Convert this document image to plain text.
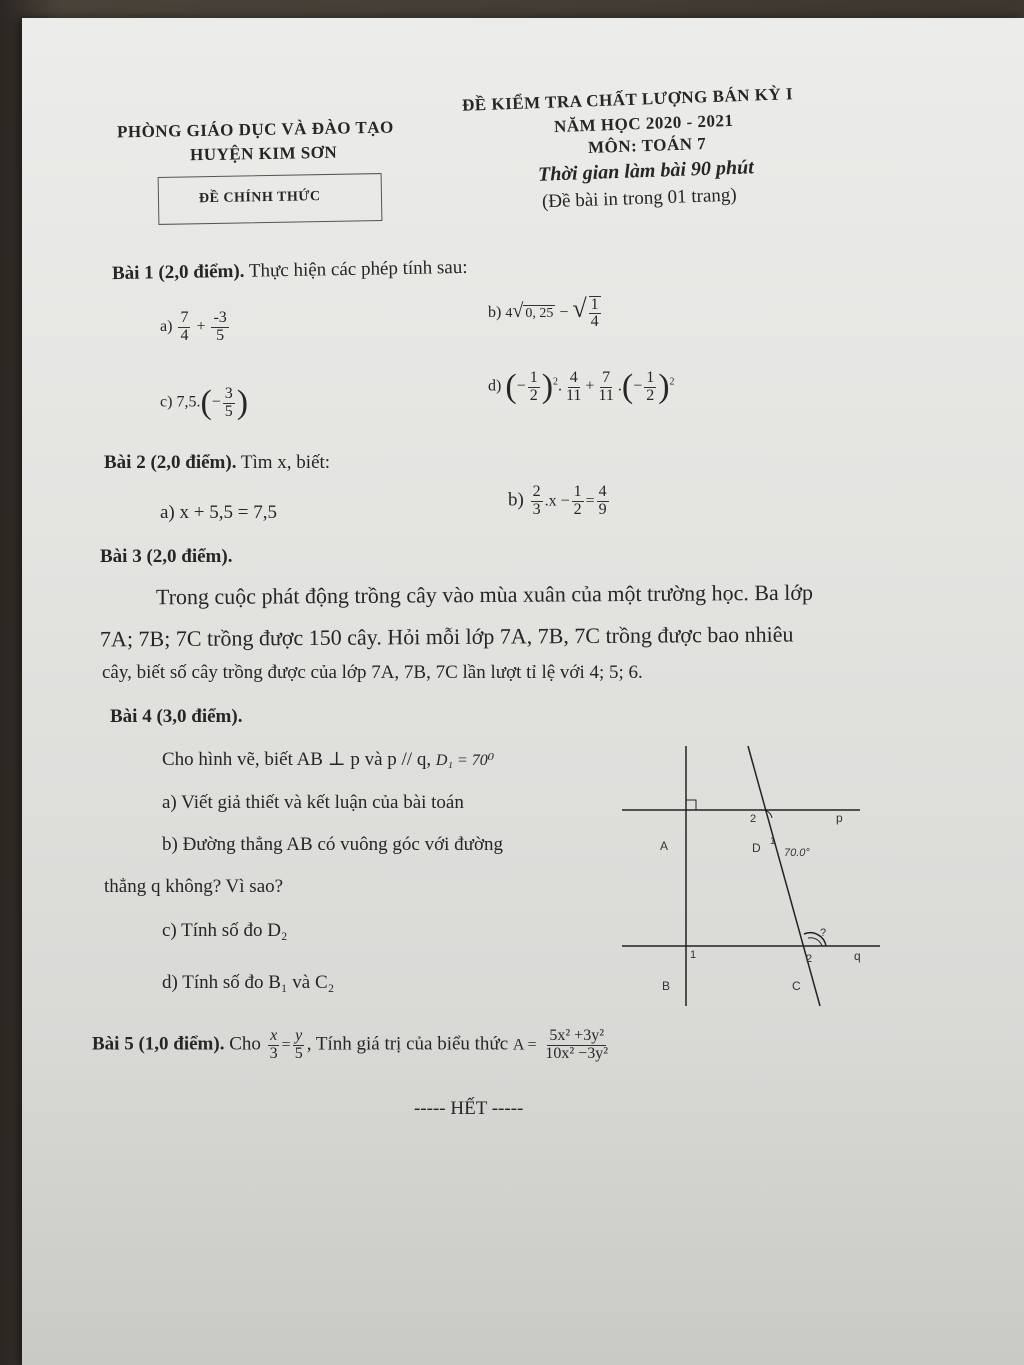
PHÒNG GIÁO DỤC VÀ ĐÀO TẠO
HUYỆN KIM SƠN
ĐỀ CHÍNH THỨC
ĐỀ KIỂM TRA CHẤT LƯỢNG BÁN KỲ I
NĂM HỌC 2020 - 2021
MÔN: TOÁN 7
Thời gian làm bài 90 phút
(Đề bài in trong 01 trang)
Bài 1 (2,0 điểm). Thực hiện các phép tính sau:
$a) \frac{7}{4} + \frac{-3}{5}$	b) 4√ 0, 25 − √ $\frac{1}{4}$
c) $7,5.(- \frac{3}{5}$ )	d) (− $\frac{1}{2} )^2$. $\frac{4}{11} + \frac{7}{11}$ .(− $\frac{1}{2} )^2$
Bài 2 (2,0 điểm). Tìm x, biết:
a) x + 5,5 = 7,5
$b) \frac{2}{3} .x - \frac{1}{2} = \frac{4}{9}$
Bài 3 (2,0 điểm).
Trong cuộc phát động trồng cây vào mùa xuân của một trường học. Ba lớp
7A; 7B; 7C trồng được 150 cây. Hỏi mỗi lớp 7A, 7B, 7C trồng được bao nhiêu
cây, biết số cây trồng được của lớp 7A, 7B, 7C lần lượt tỉ lệ với 4; 5; 6.
Bài 4 (3,0 điểm).
Cho hình vẽ, biết AB ⊥ p và p // q, D₁ = 70⁰
a) Viết giả thiết và kết luận của bài toán
b) Đường thẳng AB có vuông góc với đường
thẳng q không? Vì sao?
c) Tính số đo D₂
d) Tính số đo B₁ và C₂
A
B	C
D
p
q
70.0°
1
2
1	2
?
Bài 5 (1,0 điểm). Cho $\frac{x}{3} = \frac{y}{5}$ , Tính giá trị của biểu thức $A = \frac{\text{5x² +3y²}}{\text{10x² −3y²}}$
----- HẾT -----
